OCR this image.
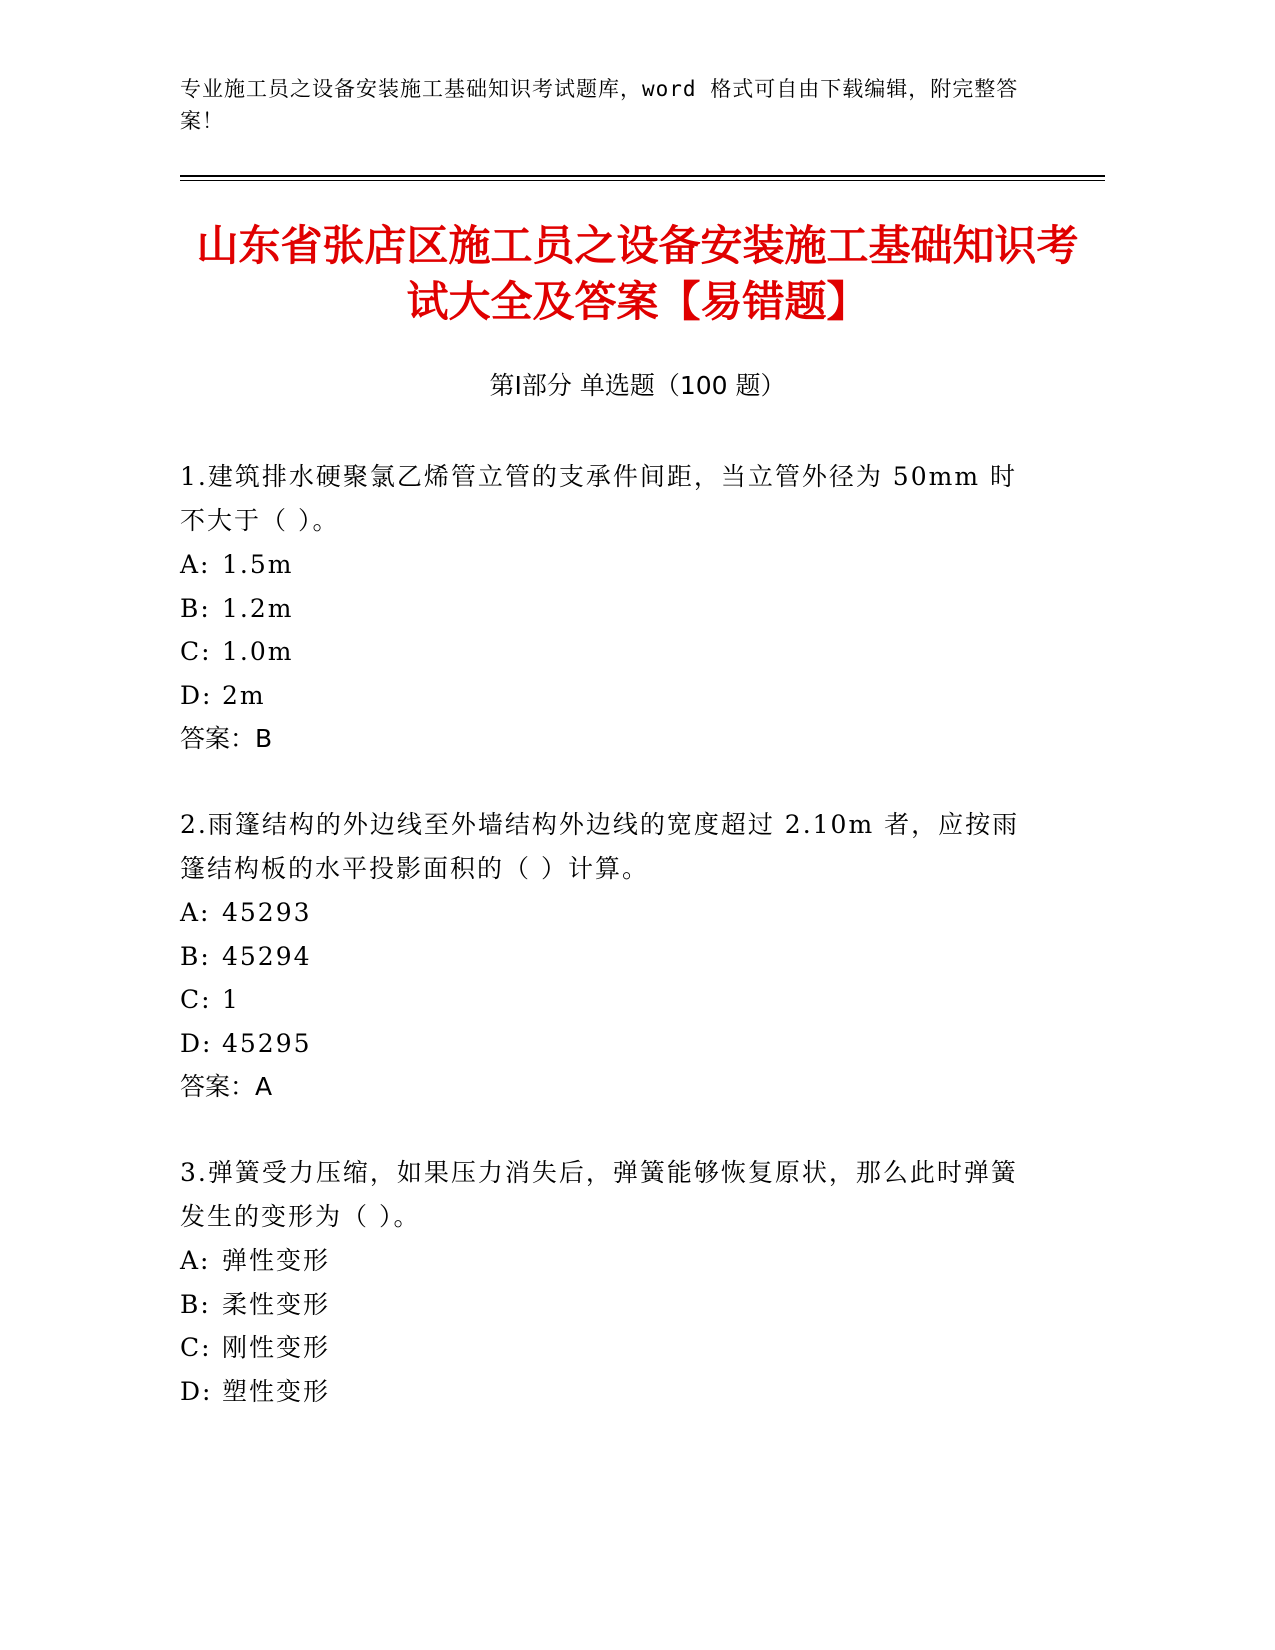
专业施工员之设备安装施工基础知识考试题库，word 格式可自由下载编辑，附完整答案！
山东省张店区施工员之设备安装施工基础知识考试大全及答案【易错题】
第Ⅰ部分 单选题（100 题）

1.建筑排水硬聚氯乙烯管立管的支承件间距，当立管外径为 50mm 时不大于（ ）。

A: 1.5m
B: 1.2m
C: 1.0m
D: 2m
答案：B

2.雨篷结构的外边线至外墙结构外边线的宽度超过 2.10m 者，应按雨篷结构板的水平投影面积的（ ）计算。

A: 45293
B: 45294
C: 1
D: 45295
答案：A

3.弹簧受力压缩，如果压力消失后，弹簧能够恢复原状，那么此时弹簧发生的变形为（ ）。

A: 弹性变形
B: 柔性变形
C: 刚性变形
D: 塑性变形
